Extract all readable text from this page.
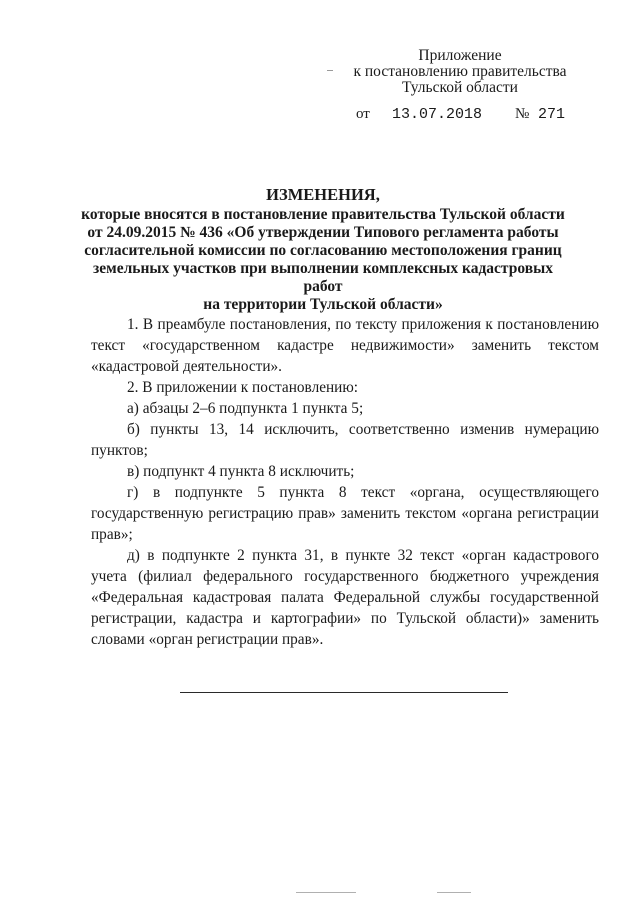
Приложение
к постановлению правительства
Тульской области
от 13.07.2018 № 271
ИЗМЕНЕНИЯ,
которые вносятся в постановление правительства Тульской области
от 24.09.2015 № 436 «Об утверждении Типового регламента работы
согласительной комиссии по согласованию местоположения границ
земельных участков при выполнении комплексных кадастровых работ
на территории Тульской области»

1. В преамбуле постановления, по тексту приложения к постановлению текст «государственном кадастре недвижимости» заменить текстом «кадастровой деятельности».

2. В приложении к постановлению:

а) абзацы 2–6 подпункта 1 пункта 5;

б) пункты 13, 14 исключить, соответственно изменив нумерацию пунктов;

в) подпункт 4 пункта 8 исключить;

г) в подпункте 5 пункта 8 текст «органа, осуществляющего государственную регистрацию прав» заменить текстом «органа регистрации прав»;

д) в подпункте 2 пункта 31, в пункте 32 текст «орган кадастрового учета (филиал федерального государственного бюджетного учреждения «Федеральная кадастровая палата Федеральной службы государственной регистрации, кадастра и картографии» по Тульской области)» заменить словами «орган регистрации прав».
